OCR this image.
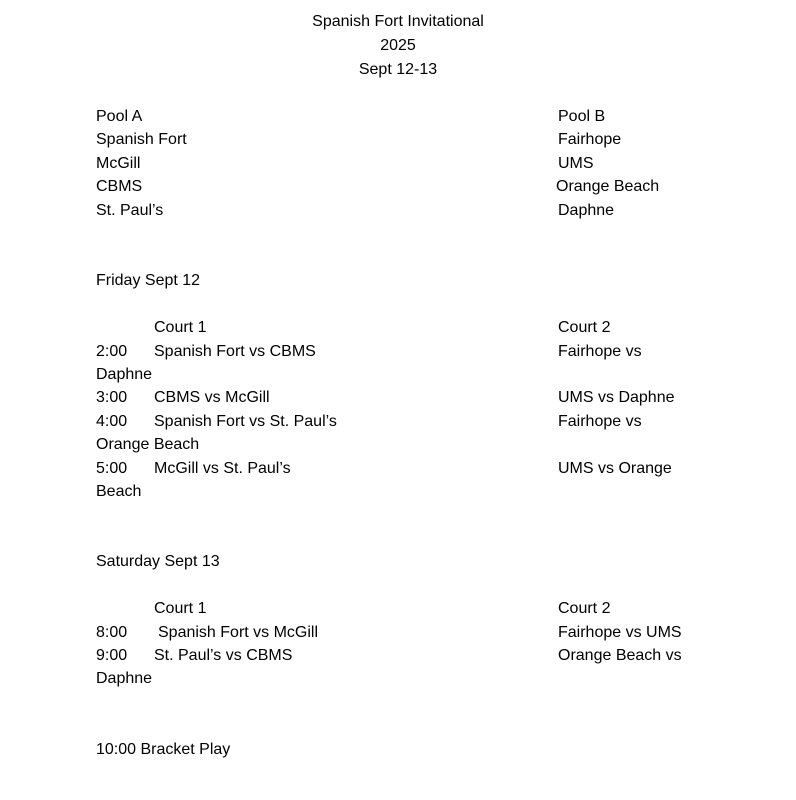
Spanish Fort Invitational
2025
Sept 12-13
Pool A
Spanish Fort
McGill
CBMS
St. Paul’s
Pool B
Fairhope
UMS
Orange Beach
Daphne
Friday Sept 12
Court 1	Court 2
2:00 Spanish Fort vs CBMS	Fairhope vs
Daphne
3:00 CBMS vs McGill	UMS vs Daphne
4:00 Spanish Fort vs St. Paul’s	Fairhope vs
Orange Beach
5:00 McGill vs St. Paul’s	UMS vs Orange
Beach
Saturday Sept 13
Court 1	Court 2
8:00 Spanish Fort vs McGill	Fairhope vs UMS
9:00 St. Paul’s vs CBMS	Orange Beach vs
Daphne
10:00 Bracket Play
